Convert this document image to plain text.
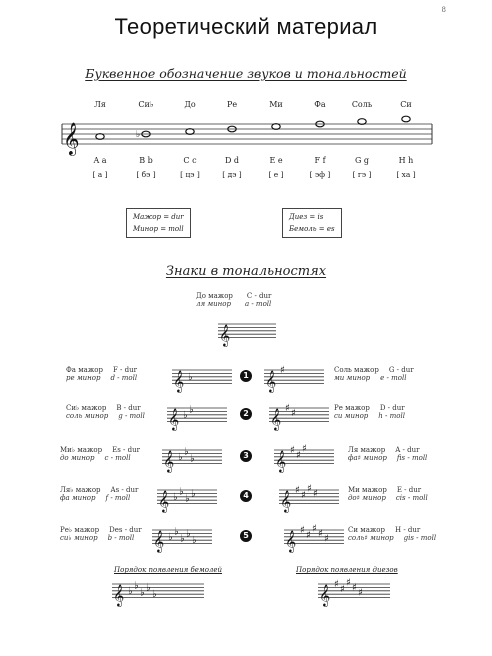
8
Теоретический материал
Буквенное обозначение звуков и тональностей
Ля	Си♭	До	Ре	Ми	Фа	Соль	Си
𝄞	♭
A a	B b	C c	D d	E e	F f	G g	H h
[ а ]	[ бэ ]	[ цэ ]	[ дэ ]	[ е ]	[ эф ]	[ гэ ]	[ ха ]
Мажор = dur
Минор = moll
Диез = is
Бемоль = es
Знаки в тональностях
До мажор C - dur
ля минор a - moll
𝄞
Фа мажор F - dur
ре минор d - moll 𝄞 ♭	1 𝄞
♯	Соль мажор G - dur
ми минор e - moll
Си♭ мажор B - dur
соль минор g - moll 𝄞 ♭ ♭	2 𝄞
♯ ♯
Ре мажор D - dur
си минор h - moll
Ми♭ мажор Es - dur
до минор c - moll 𝄞 ♭ ♭
♭	3 𝄞
♯ ♯
♯	Ля мажор A - dur
фа♯ минор fis - moll
Ля♭ мажор As - dur
фа минор f - moll 𝄞 ♭ ♭
♭ ♭	4 𝄞
♯ ♯
♯ ♯	Ми мажор E - dur
до♯ минор cis - moll
Ре♭ мажор Des - dur
си♭ минор b - moll 𝄞 ♭ ♭
♭ ♭
♭	5 𝄞
♯ ♯
♯ ♯ ♯
Си мажор H - dur
соль♯ минор gis - moll
Порядок появления бемолей	Порядок появления диезов
𝄞 ♭ ♭
♭ ♭
♭	𝄞
♯ ♯
♯ ♯ ♯
